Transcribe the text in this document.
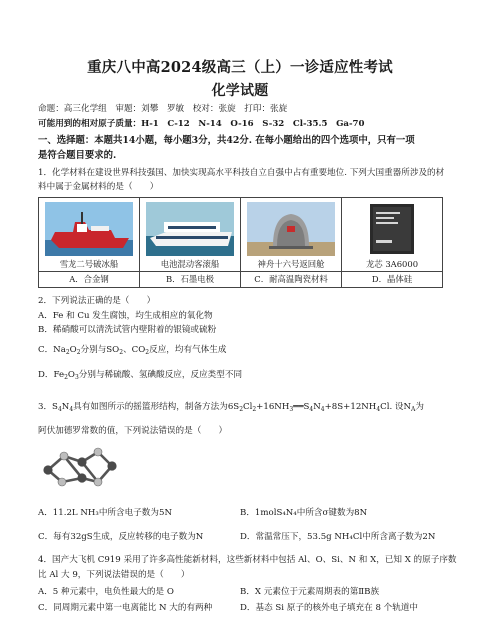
重庆八中高2024级高三（上）一诊适应性考试
化学试题
命题：高三化学组　审题：刘攀　罗敏　校对：张旋　打印：张旋
可能用到的相对原子质量：H-1　C-12　N-14　O-16　S-32　Cl-35.5　Ga-70
一、选择题：本题共14小题，每小题3分，共42分. 在每小题给出的四个选项中，只有一项
是符合题目要求的.
1．化学材料在建设世界科技强国、加快实现高水平科技自立自强中占有重要地位. 下列大国重器所涉及的材
料中属于金属材料的是（　　）
雪龙二号破冰船	电池混动客滚船	神舟十六号返回舱	龙芯 3A6000

A．合金钢	B．石墨电极	C．耐高温陶瓷材料	D．晶体硅
2．下列说法正确的是（　　）
A．Fe 和 Cu 发生腐蚀，均生成相应的氧化物
B．稀硝酸可以清洗试管内壁附着的银镜或硫粉
C．$Na_2O_2$分别与$SO_2$、$CO_2$反应，均有气体生成
D．$Fe_2O_3$分别与稀硫酸、氢碘酸反应，反应类型不同
3．$S_4N_4$具有如图所示的摇篮形结构，制备方法为$6S_2Cl_2+16NH_3══S_4N_4+8S+12NH_4Cl$. 设$N_A$为
阿伏加德罗常数的值，下列说法错误的是（　　）
A．11.2L NH₃中所含电子数为5N	B．1molS₄N₄中所含σ键数为8N
C．每有32gS生成，反应转移的电子数为N	D．常温常压下，53.5g NH₄Cl中所含离子数为2N
4．国产大飞机 C919 采用了许多高性能新材料，这些新材料中包括 Al、O、Si、N 和 X，已知 X 的原子序数
比 Al 大 9，下列说法错误的是（　　）
A．5 种元素中，电负性最大的是 O	B．X 元素位于元素周期表的第ⅡB族
C．同周期元素中第一电离能比 N 大的有两种	D．基态 Si 原子的核外电子填充在 8 个轨道中
